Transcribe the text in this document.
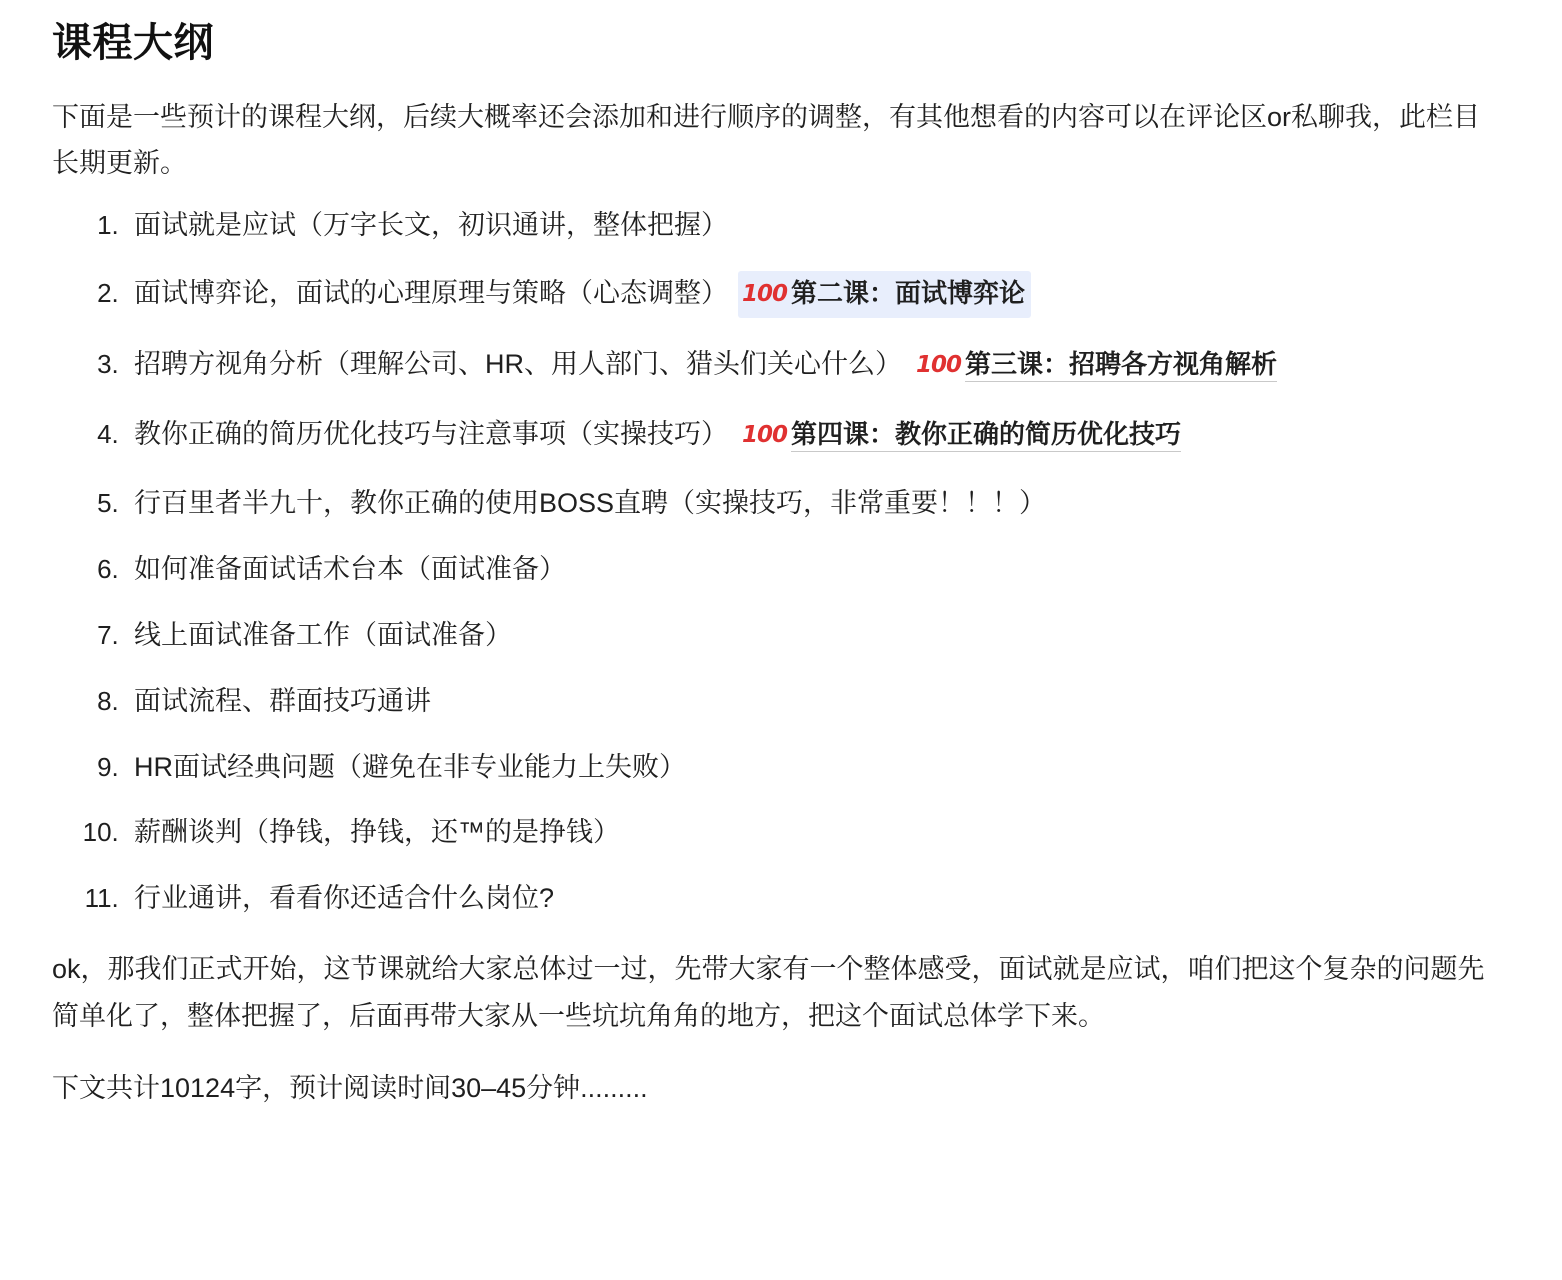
课程大纲

下面是一些预计的课程大纲，后续大概率还会添加和进行顺序的调整，有其他想看的内容可以在评论区or私聊我，此栏目长期更新。

1. 面试就是应试（万字长文，初识通讲，整体把握）
2. 面试博弈论，面试的心理原理与策略（心态调整） 100 第二课：面试博弈论
3. 招聘方视角分析（理解公司、HR、用人部门、猎头们关心什么） 100 第三课：招聘各方视角解析
4. 教你正确的简历优化技巧与注意事项（实操技巧） 100 第四课：教你正确的简历优化技巧
5. 行百里者半九十，教你正确的使用BOSS直聘（实操技巧，非常重要！！！）
6. 如何准备面试话术台本（面试准备）
7. 线上面试准备工作（面试准备）
8. 面试流程、群面技巧通讲
9. HR面试经典问题（避免在非专业能力上失败）
10. 薪酬谈判（挣钱，挣钱，还™的是挣钱）
11. 行业通讲，看看你还适合什么岗位?

ok，那我们正式开始，这节课就给大家总体过一过，先带大家有一个整体感受，面试就是应试，咱们把这个复杂的问题先简单化了，整体把握了，后面再带大家从一些坑坑角角的地方，把这个面试总体学下来。

下文共计10124字，预计阅读时间30–45分钟.........
